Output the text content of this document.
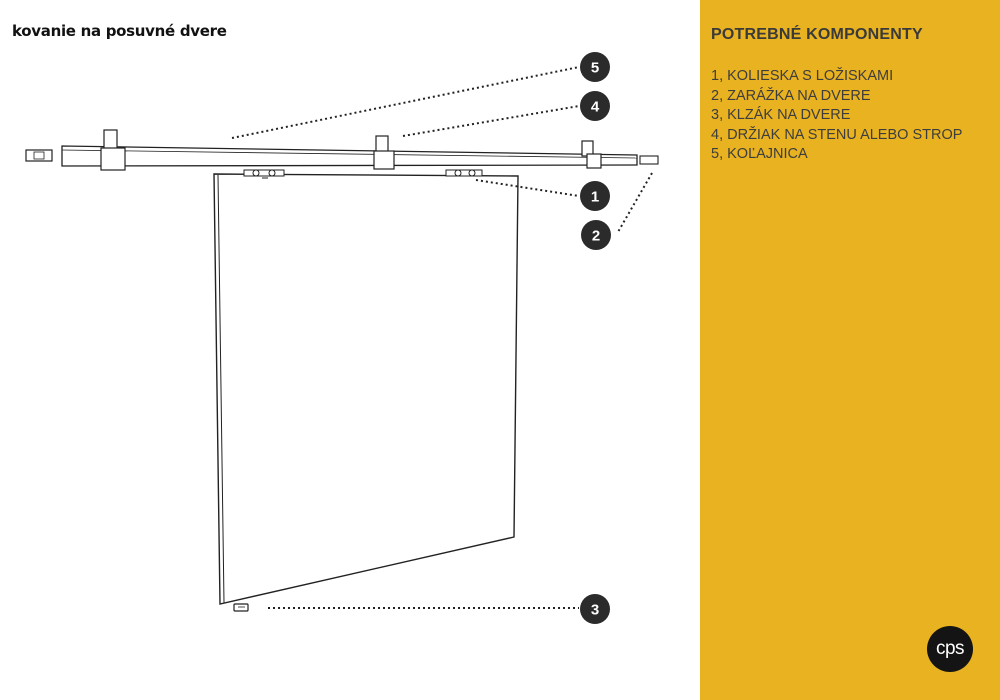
kovanie na posuvné dvere
5
4
1
2
3
POTREBNÉ KOMPONENTY
1, KOLIESKA S LOŽISKAMI
2, ZARÁŽKA NA DVERE
3, KLZÁK NA DVERE
4, DRŽIAK NA STENU ALEBO STROP
5, KOĽAJNICA
cps
